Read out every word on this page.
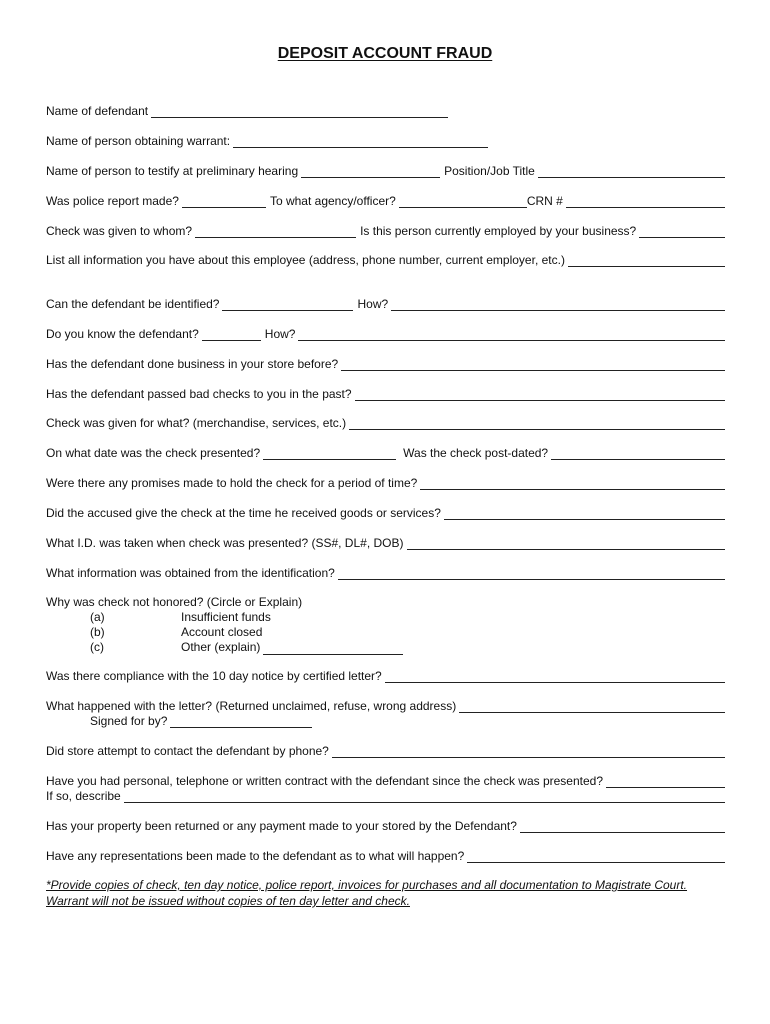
DEPOSIT ACCOUNT FRAUD
Name of defendant
Name of person obtaining warrant:
Name of person to testify at preliminary hearing	Position/Job Title
Was police report made?	To what agency/officer?	CRN #
Check was given to whom?	Is this person currently employed by your business?
List all information you have about this employee (address, phone number, current employer, etc.)
Can the defendant be identified?	How?
Do you know the defendant?	How?
Has the defendant done business in your store before?
Has the defendant passed bad checks to you in the past?
Check was given for what? (merchandise, services, etc.)
On what date was the check presented?	Was the check post-dated?
Were there any promises made to hold the check for a period of time?
Did the accused give the check at the time he received goods or services?
What I.D. was taken when check was presented? (SS#, DL#, DOB)
What information was obtained from the identification?
Why was check not honored? (Circle or Explain)
(a)	Insufficient funds
(b)	Account closed
(c)	Other (explain)
Was there compliance with the 10 day notice by certified letter?
What happened with the letter? (Returned unclaimed, refuse, wrong address)
Signed for by?
Did store attempt to contact the defendant by phone?
Have you had personal, telephone or written contract with the defendant since the check was presented?
If so, describe
Has your property been returned or any payment made to your stored by the Defendant?
Have any representations been made to the defendant as to what will happen?
*Provide copies of check, ten day notice, police report, invoices for purchases and all documentation to Magistrate Court.
Warrant will not be issued without copies of ten day letter and check.
